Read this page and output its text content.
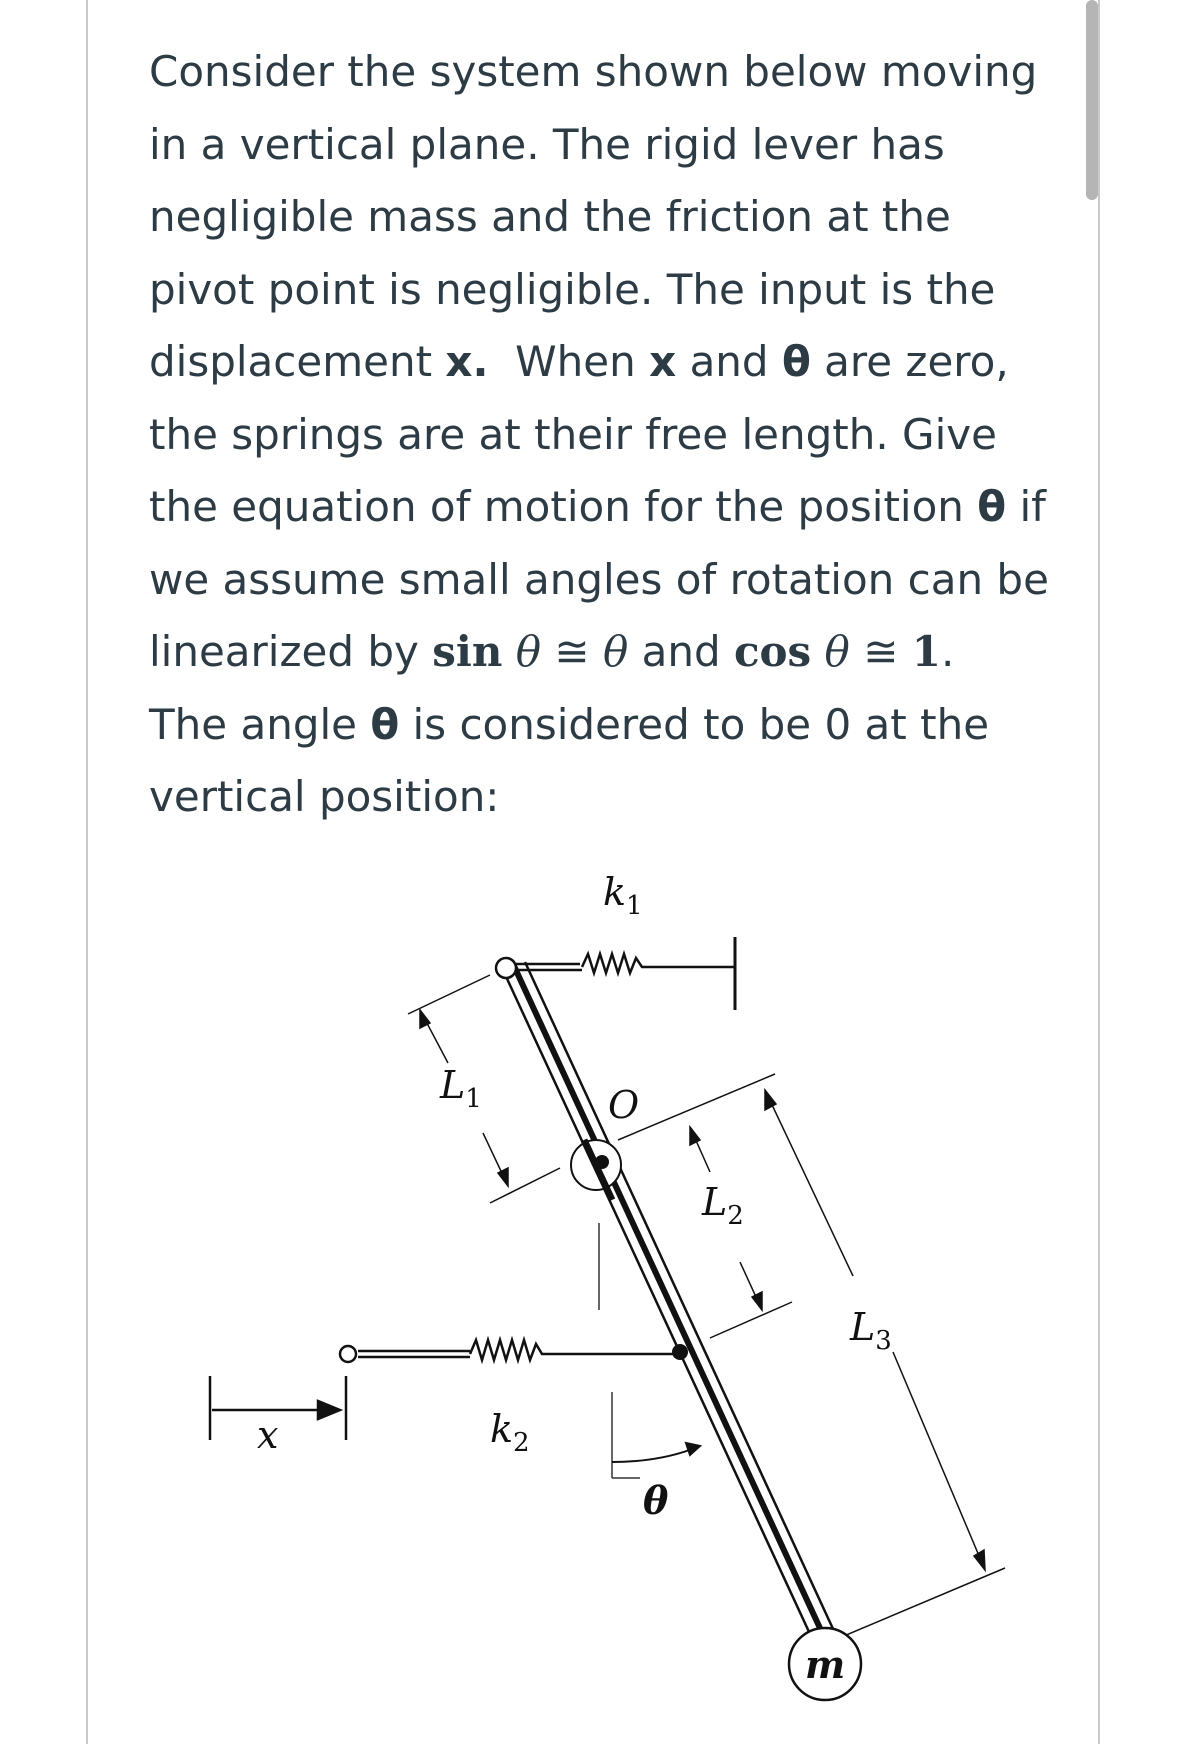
Consider the system shown below moving

in a vertical plane. The rigid lever has

negligible mass and the friction at the

pivot point is negligible. The input is the

displacement x.  When x and θ are zero,

the springs are at their free length. Give

the equation of motion for the position θ if

we assume small angles of rotation can be

linearized by sin θ ≅ θ and cos θ ≅ 1.

The angle θ is considered to be 0 at the

vertical position:

$k_1$
$k_2$
$L_1$
$L_2$
$L_3$
O
x
θ
m
